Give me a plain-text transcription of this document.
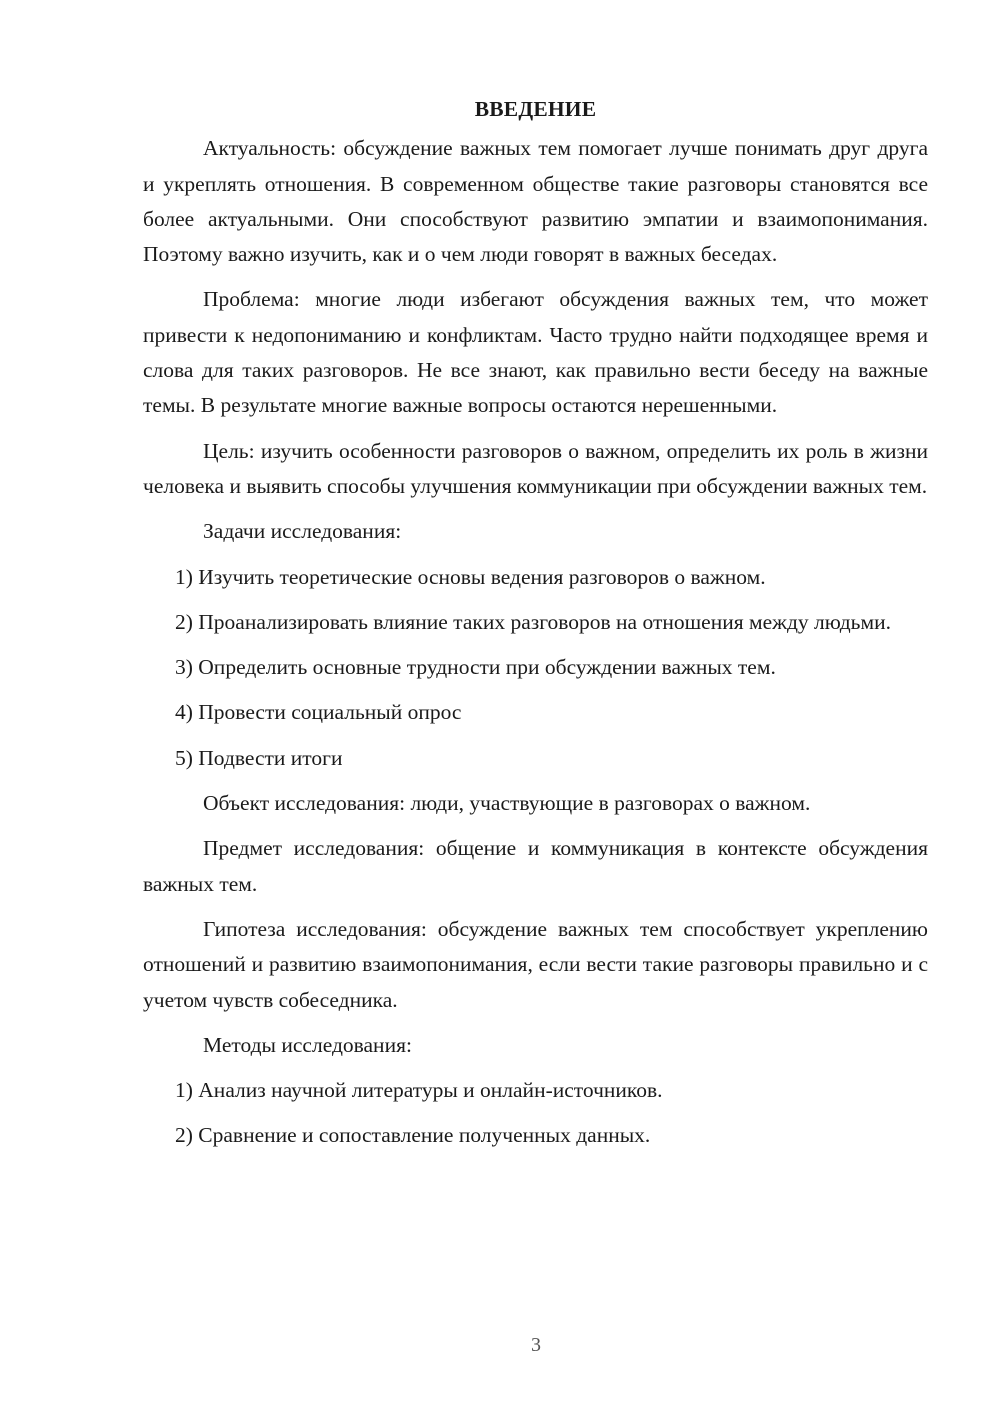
ВВЕДЕНИЕ

Актуальность: обсуждение важных тем помогает лучше понимать друг друга и укреплять отношения. В современном обществе такие разговоры становятся все более актуальными. Они способствуют развитию эмпатии и взаимопонимания. Поэтому важно изучить, как и о чем люди говорят в важных беседах.

Проблема: многие люди избегают обсуждения важных тем, что может привести к недопониманию и конфликтам. Часто трудно найти подходящее время и слова для таких разговоров. Не все знают, как правильно вести беседу на важные темы. В результате многие важные вопросы остаются нерешенными.

Цель: изучить особенности разговоров о важном, определить их роль в жизни человека и выявить способы улучшения коммуникации при обсуждении важных тем.

Задачи исследования:

1) Изучить теоретические основы ведения разговоров о важном.

2) Проанализировать влияние таких разговоров на отношения между людьми.

3) Определить основные трудности при обсуждении важных тем.

4) Провести социальный опрос

5) Подвести итоги

Объект исследования: люди, участвующие в разговорах о важном.

Предмет исследования: общение и коммуникация в контексте обсуждения важных тем.

Гипотеза исследования: обсуждение важных тем способствует укреплению отношений и развитию взаимопонимания, если вести такие разговоры правильно и с учетом чувств собеседника.

Методы исследования:

1) Анализ научной литературы и онлайн-источников.

2) Сравнение и сопоставление полученных данных.

3
